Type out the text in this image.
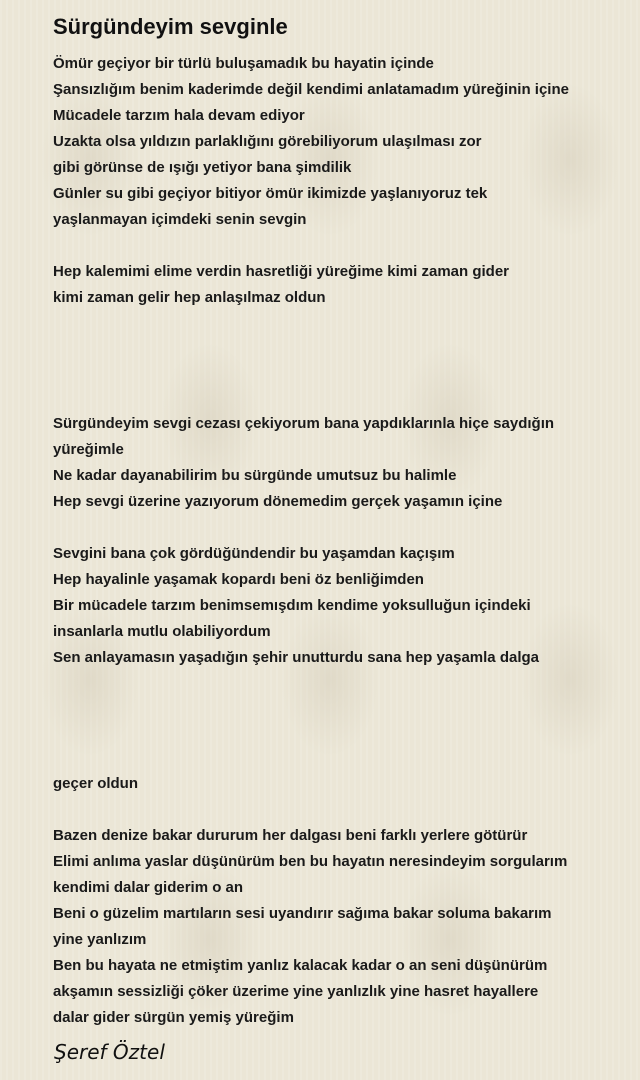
Sürgündeyim sevginle

Ömür geçiyor bir türlü buluşamadık bu hayatin içinde

Şansızlığım benim kaderimde değil kendimi anlatamadım yüreğinin içine

Mücadele tarzım hala devam ediyor

Uzakta olsa yıldızın parlaklığını görebiliyorum ulaşılması zor

gibi görünse de ışığı yetiyor bana şimdilik

Günler su gibi geçiyor bitiyor ömür ikimizde yaşlanıyoruz tek

yaşlanmayan içimdeki senin sevgin

Hep kalemimi elime verdin hasretliği yüreğime kimi zaman gider

kimi zaman gelir hep anlaşılmaz oldun

Sürgündeyim sevgi cezası çekiyorum bana yapdıklarınla hiçe saydığın

yüreğimle

Ne kadar dayanabilirim bu sürgünde umutsuz bu halimle

Hep sevgi üzerine yazıyorum dönemedim gerçek yaşamın içine

Sevgini bana çok gördüğündendir bu yaşamdan kaçışım

Hep hayalinle yaşamak kopardı beni öz benliğimden

Bir mücadele tarzım benimsemışdım kendime yoksulluğun içindeki

insanlarla mutlu olabiliyordum

Sen anlayamasın yaşadığın şehir unutturdu sana hep yaşamla dalga

geçer oldun

Bazen denize bakar dururum her dalgası beni farklı yerlere götürür

Elimi anlıma yaslar düşünürüm ben bu hayatın neresindeyim sorgularım

kendimi dalar giderim o an

Beni o güzelim martıların sesi uyandırır sağıma bakar soluma bakarım

yine yanlızım

Ben bu hayata ne etmiştim yanlız kalacak kadar o an seni düşünürüm

akşamın sessizliği çöker üzerime yine yanlızlık yine hasret hayallere

dalar gider sürgün yemiş yüreğim

Şeref Öztel
